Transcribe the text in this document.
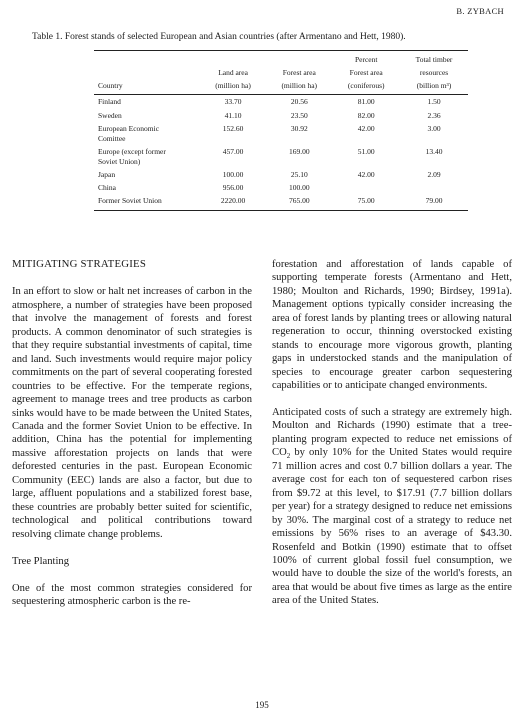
B. ZYBACH
Table 1. Forest stands of selected European and Asian countries (after Armentano and Hett, 1980).

			Percent	Total timber

	Land area	Forest area	Forest area	resources

Country	(million ha)	(million ha)	(coniferous)	(billion m³)

Finland	33.70	20.56	81.00	1.50
Sweden	41.10	23.50	82.00	2.36

European Economic
Comittee	152.60	30.92	42.00	3.00

Europe (except former
Soviet Union)	457.00	169.00	51.00	13.40
Japan	100.00	25.10	42.00	2.09
China	956.00	100.00		
Former Soviet Union	2220.00	765.00	75.00	79.00
MITIGATING STRATEGIES

In an effort to slow or halt net increases of carbon in the atmosphere, a number of strategies have been proposed that involve the management of forests and forest products. A common denominator of such strategies is that they require substantial investments of capital, time and land. Such investments would require major policy commitments on the part of several cooperating forested countries to be effective. For the temperate regions, agreement to manage trees and tree products as carbon sinks would have to be made between the United States, Canada and the former Soviet Union to be effective. In addition, China has the potential for implementing massive afforestation projects on lands that were deforested centuries in the past. European Economic Community (EEC) lands are also a factor, but due to large, affluent populations and a stabilized forest base, these countries are probably better suited for scientific, technological and political contributions toward resolving climate change problems.

Tree Planting

One of the most common strategies considered for sequestering atmospheric carbon is the re-

forestation and afforestation of lands capable of supporting temperate forests (Armentano and Hett, 1980; Moulton and Richards, 1990; Birdsey, 1991a). Management options typically consider increasing the area of forest lands by planting trees or allowing natural regeneration to occur, thinning overstocked existing stands to encourage more vigorous growth, planting gaps in understocked stands and the manipulation of species to encourage greater carbon sequestering capabilities or to anticipate changed environments.

Anticipated costs of such a strategy are extremely high. Moulton and Richards (1990) estimate that a tree-planting program expected to reduce net emissions of $CO_2$ by only 10% for the United States would require 71 million acres and cost 0.7 billion dollars a year. The average cost for each ton of sequestered carbon rises from $9.72 at this level, to $17.91 (7.7 billion dollars per year) for a strategy designed to reduce net emissions by 30%. The marginal cost of a strategy to reduce net emissions by 56% rises to an average of $43.30. Rosenfeld and Botkin (1990) estimate that to offset 100% of current global fossil fuel consumption, we would have to double the size of the world's forests, an area that would be about five times as large as the entire area of the United States.

195
